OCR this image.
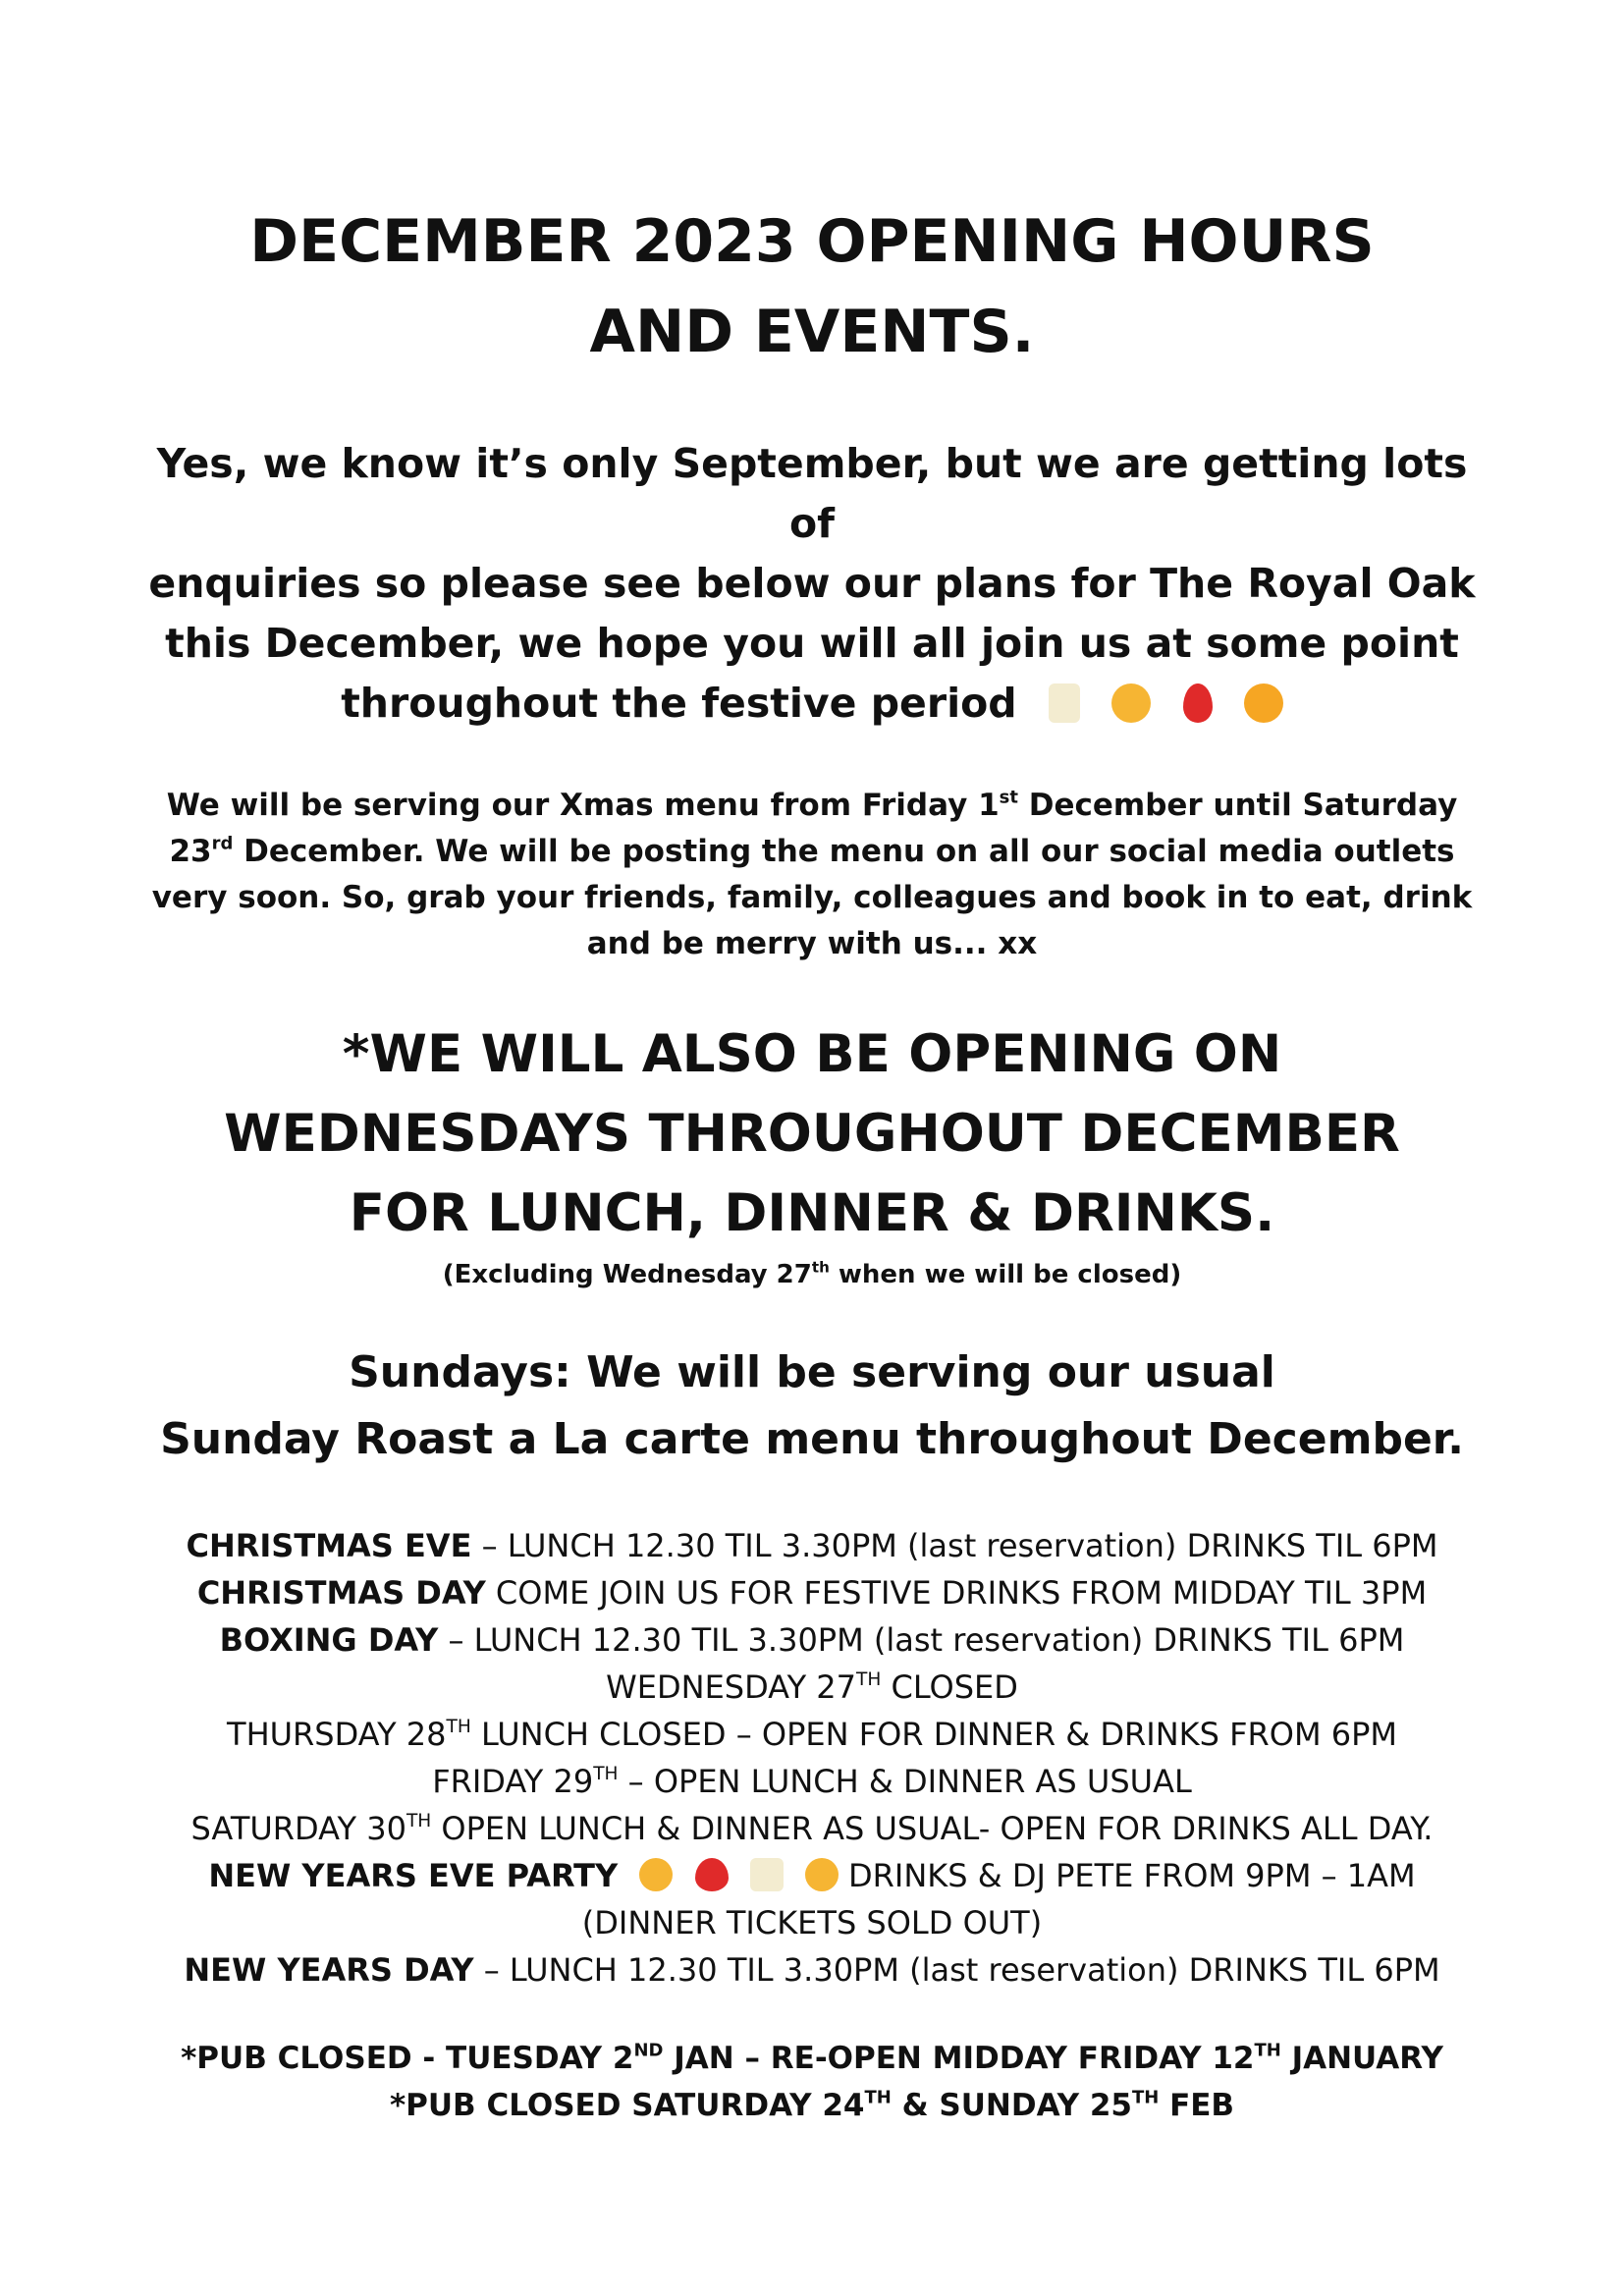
DECEMBER 2023 OPENING HOURS
AND EVENTS.
Yes, we know it’s only September, but we are getting lots of
enquiries so please see below our plans for The Royal Oak
this December, we hope you will all join us at some point
throughout the festive period
We will be serving our Xmas menu from Friday 1st December until Saturday
23rd December. We will be posting the menu on all our social media outlets
very soon. So, grab your friends, family, colleagues and book in to eat, drink
and be merry with us... xx
*WE WILL ALSO BE OPENING ON
WEDNESDAYS THROUGHOUT DECEMBER
FOR LUNCH, DINNER & DRINKS.
(Excluding Wednesday 27th when we will be closed)
Sundays: We will be serving our usual
Sunday Roast a La carte menu throughout December.
CHRISTMAS EVE – LUNCH 12.30 TIL 3.30PM (last reservation) DRINKS TIL 6PM
CHRISTMAS DAY COME JOIN US FOR FESTIVE DRINKS FROM MIDDAY TIL 3PM
BOXING DAY – LUNCH 12.30 TIL 3.30PM (last reservation) DRINKS TIL 6PM
WEDNESDAY 27TH CLOSED
THURSDAY 28TH LUNCH CLOSED – OPEN FOR DINNER & DRINKS FROM 6PM
FRIDAY 29TH – OPEN LUNCH & DINNER AS USUAL
SATURDAY 30TH OPEN LUNCH & DINNER AS USUAL- OPEN FOR DRINKS ALL DAY.
NEW YEARS EVE PARTY	DRINKS & DJ PETE FROM 9PM – 1AM
(DINNER TICKETS SOLD OUT)
NEW YEARS DAY – LUNCH 12.30 TIL 3.30PM (last reservation) DRINKS TIL 6PM
*PUB CLOSED - TUESDAY 2ND JAN – RE-OPEN MIDDAY FRIDAY 12TH JANUARY
*PUB CLOSED SATURDAY 24TH & SUNDAY 25TH FEB
